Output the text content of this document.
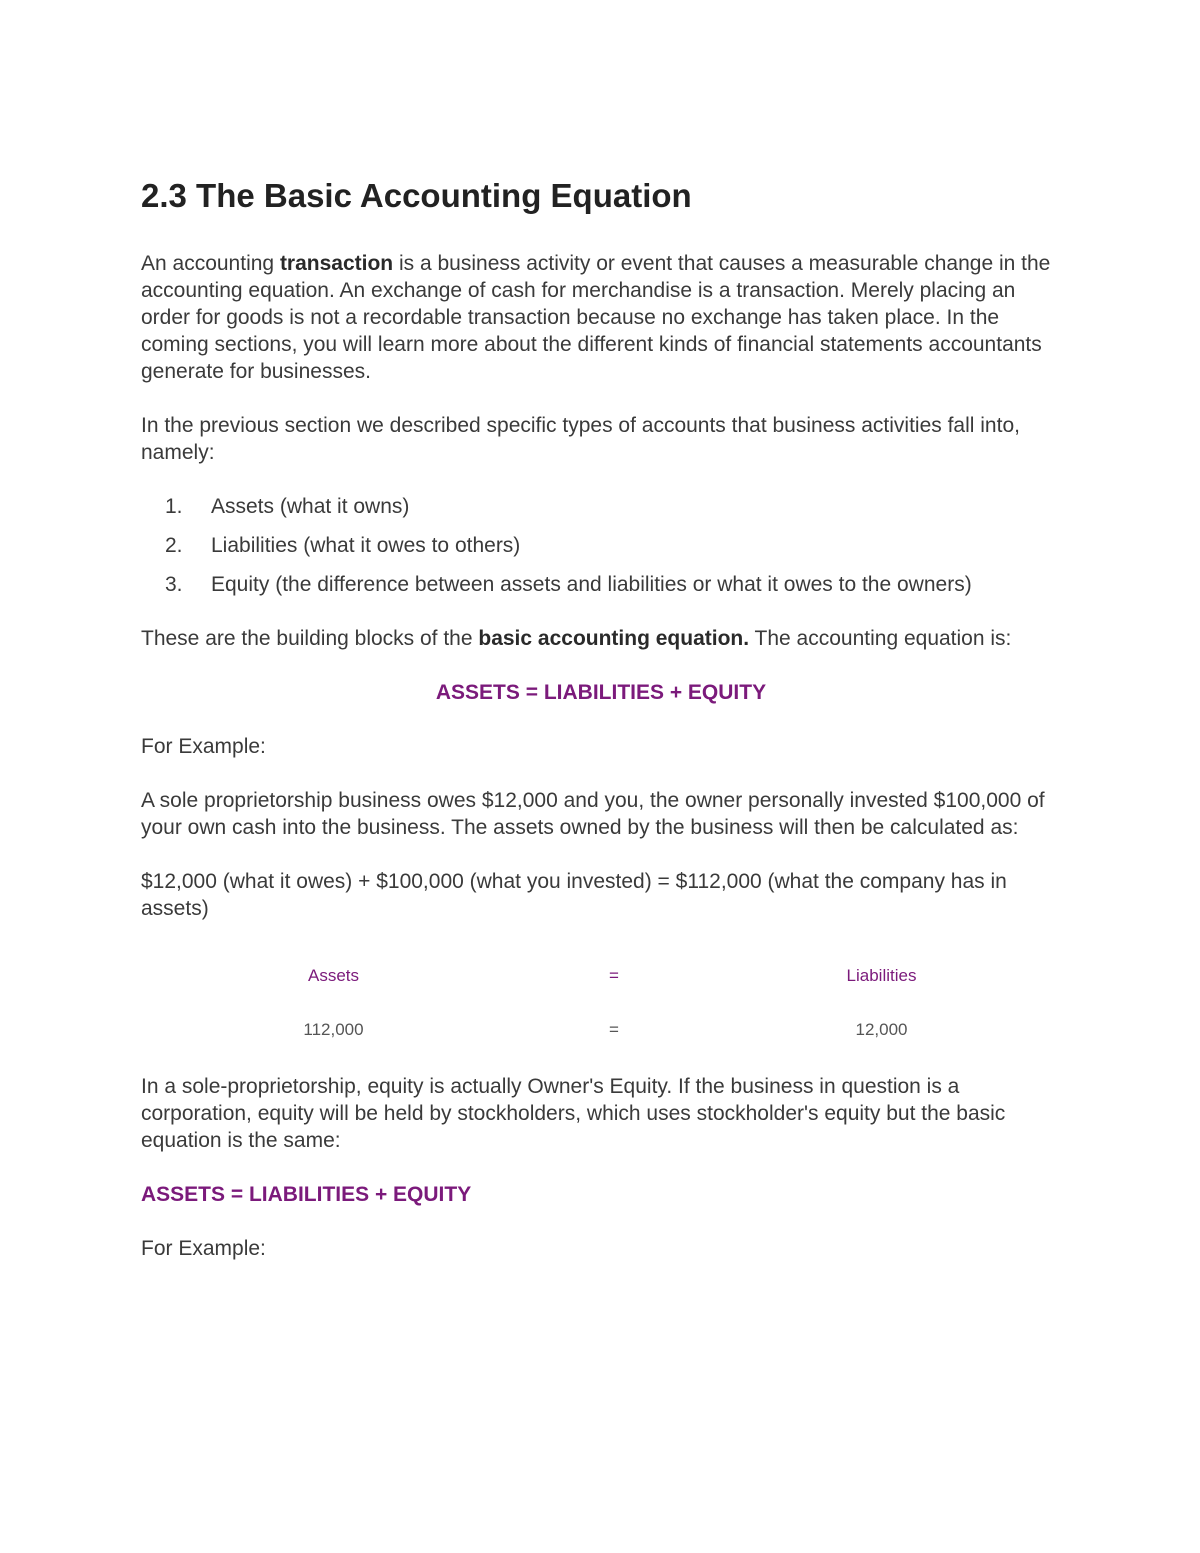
2.3 The Basic Accounting Equation

An accounting transaction is a business activity or event that causes a measurable change in the accounting equation. An exchange of cash for merchandise is a transaction. Merely placing an order for goods is not a recordable transaction because no exchange has taken place. In the coming sections, you will learn more about the different kinds of financial statements accountants generate for businesses.

In the previous section we described specific types of accounts that business activities fall into, namely:

1. Assets (what it owns)
2. Liabilities (what it owes to others)
3. Equity (the difference between assets and liabilities or what it owes to the owners)

These are the building blocks of the basic accounting equation. The accounting equation is:

ASSETS = LIABILITIES + EQUITY

For Example:

A sole proprietorship business owes $12,000 and you, the owner personally invested $100,000 of your own cash into the business. The assets owned by the business will then be calculated as:

$12,000 (what it owes) + $100,000 (what you invested) = $112,000 (what the company has in assets)

Assets	=	Liabilities
112,000	=	12,000

In a sole-proprietorship, equity is actually Owner's Equity. If the business in question is a corporation, equity will be held by stockholders, which uses stockholder's equity but the basic equation is the same:

ASSETS = LIABILITIES + EQUITY

For Example:
